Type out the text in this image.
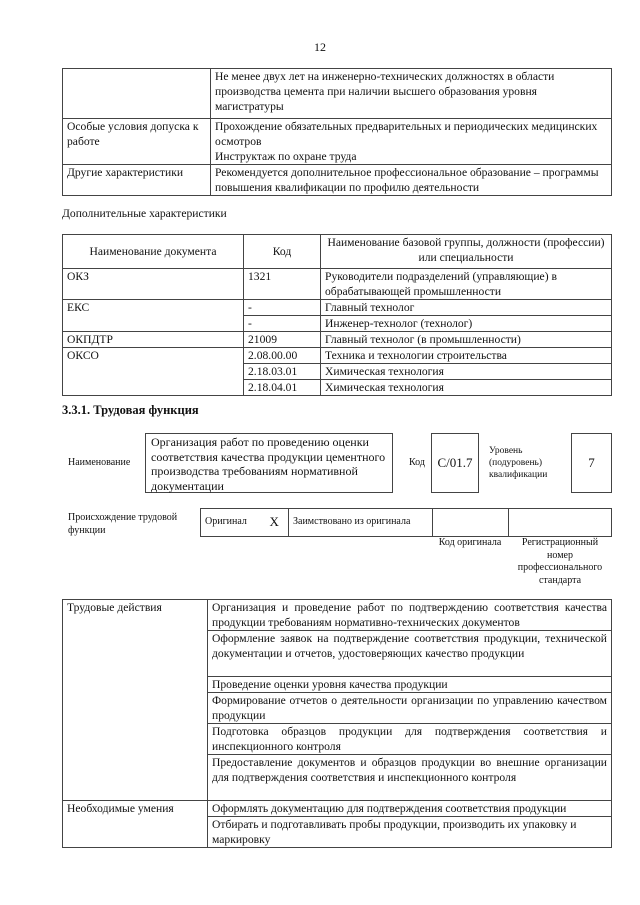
12
	Не менее двух лет на инженерно-технических должностях в области производства цемента при наличии высшего образования уровня магистратуры
Особые условия допуска к работе	Прохождение обязательных предварительных и периодических медицинских осмотров
Инструктаж по охране труда

Другие характеристики	Рекомендуется дополнительное профессиональное образование – программы повышения квалификации по профилю деятельности
Дополнительные характеристики
Наименование документа	Код	Наименование базовой группы, должности (профессии) или специальности
ОКЗ	1321	Руководители подразделений (управляющие) в обрабатывающей промышленности
ЕКС	-	Главный технолог
	-	Инженер-технолог (технолог)
ОКПДТР	21009	Главный технолог (в промышленности)
ОКСО	2.08.00.00	Техника и технологии строительства
	2.18.03.01	Химическая технология
	2.18.04.01	Химическая технология
3.3.1. Трудовая функция
Наименование
Организация работ по проведению оценки соответствия качества продукции цементного производства требованиям нормативной документации
Код С/01.7
Уровень (подуровень) квалификации
7
Происхождение трудовой функции
Оригинал	X	Заимствовано из оригинала		
Код оригинала	Регистрационный номер профессионального стандарта
Трудовые действия	Организация и проведение работ по подтверждению соответствия качества продукции требованиям нормативно-технических документов
	Оформление заявок на подтверждение соответствия продукции, технической документации и отчетов, удостоверяющих качество продукции
	Проведение оценки уровня качества продукции
	Формирование отчетов о деятельности организации по управлению качеством продукции
	Подготовка образцов продукции для подтверждения соответствия и инспекционного контроля
	Предоставление документов и образцов продукции во внешние организации для подтверждения соответствия и инспекционного контроля
Необходимые умения	Оформлять документацию для подтверждения соответствия продукции
	Отбирать и подготавливать пробы продукции, производить их упаковку и маркировку
